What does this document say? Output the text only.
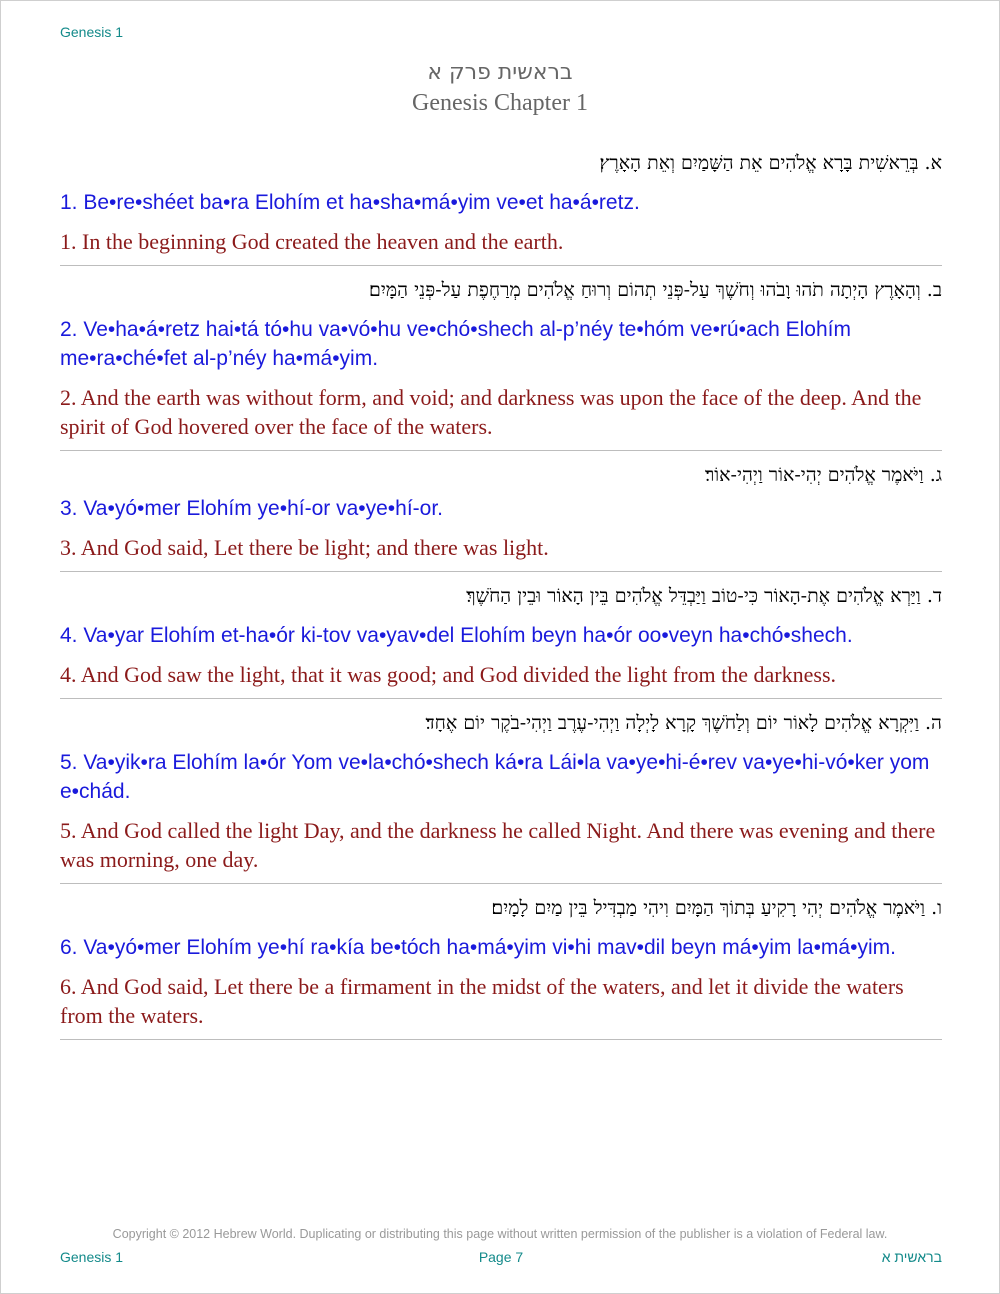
Genesis 1
בראשית פרק א
Genesis Chapter 1
א. בְּרֵאשִׁית בָּרָא אֱלֹהִים אֵת הַשָּׁמַיִם וְאֵת הָאָרֶץ׃
1. Be•re•shéet ba•ra Elohím et ha•sha•má•yim ve•et ha•á•retz.
1. In the beginning God created the heaven and the earth.
ב. וְהָאָרֶץ הָיְתָה תֹהוּ וָבֹהוּ וְחֹשֶׁךְ עַל-פְּנֵי תְהוֹם וְרוּחַ אֱלֹהִים מְרַחֶפֶת עַל-פְּנֵי הַמָּיִם׃
2. Ve•ha•á•retz hai•tá tó•hu va•vó•hu ve•chó•shech al-p’néy te•hóm ve•rú•ach Elohím me•ra•ché•fet al-p’néy ha•má•yim.
2. And the earth was without form, and void; and darkness was upon the face of the deep. And the spirit of God hovered over the face of the waters.
ג. וַיֹּאמֶר אֱלֹהִים יְהִי-אוֹר וַיְהִי-אוֹר׃
3. Va•yó•mer Elohím ye•hí-or va•ye•hí-or.
3. And God said, Let there be light; and there was light.
ד. וַיַּרְא אֱלֹהִים אֶת-הָאוֹר כִּי-טוֹב וַיַּבְדֵּל אֱלֹהִים בֵּין הָאוֹר וּבֵין הַחֹשֶׁךְ׃
4. Va•yar Elohím et-ha•ór ki-tov va•yav•del Elohím beyn ha•ór oo•veyn ha•chó•shech.
4. And God saw the light, that it was good; and God divided the light from the darkness.
ה. וַיִּקְרָא אֱלֹהִים לָאוֹר יוֹם וְלַחֹשֶׁךְ קָרָא לָיְלָה וַיְהִי-עֶרֶב וַיְהִי-בֹקֶר יוֹם אֶחָד׃
5. Va•yik•ra Elohím la•ór Yom ve•la•chó•shech ká•ra Lái•la va•ye•hi-é•rev va•ye•hi-vó•ker yom e•chád.
5. And God called the light Day, and the darkness he called Night. And there was evening and there was morning, one day.
ו. וַיֹּאמֶר אֱלֹהִים יְהִי רָקִיעַ בְּתוֹךְ הַמָּיִם וִיהִי מַבְדִּיל בֵּין מַיִם לָמָיִם׃
6. Va•yó•mer Elohím ye•hí ra•kía be•tóch ha•má•yim vi•hi mav•dil beyn má•yim la•má•yim.
6. And God said, Let there be a firmament in the midst of the waters, and let it divide the waters from the waters.
Copyright © 2012 Hebrew World. Duplicating or distributing this page without written permission of the publisher is a violation of Federal law.
Genesis 1	Page 7	בראשית א
